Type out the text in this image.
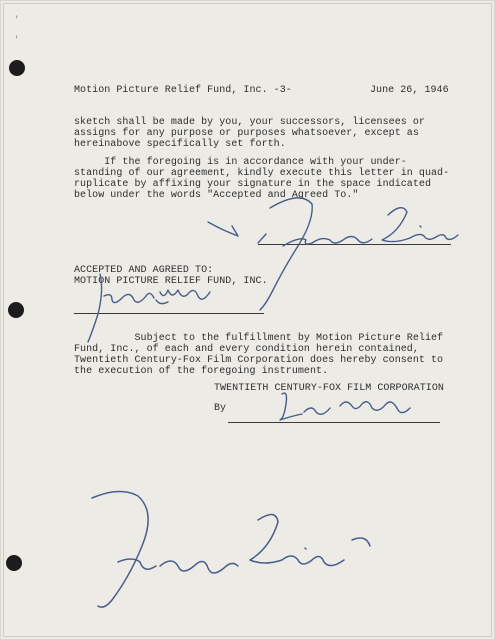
'
'
Motion Picture Relief Fund, Inc. -3-	June 26, 1946
sketch shall be made by you, your successors, licensees or
assigns for any purpose or purposes whatsoever, except as
hereinabove specifically set forth.
If the foregoing is in accordance with your under-
standing of our agreement, kindly execute this letter in quad-
ruplicate by affixing your signature in the space indicated
below under the words "Accepted and Agreed To."
ACCEPTED AND AGREED TO:
MOTION PICTURE RELIEF FUND, INC.
Subject to the fulfillment by Motion Picture Relief
Fund, Inc., of each and every condition herein contained,
Twentieth Century-Fox Film Corporation does hereby consent to
the execution of the foregoing instrument.
TWENTIETH CENTURY-FOX FILM CORPORATION
By
